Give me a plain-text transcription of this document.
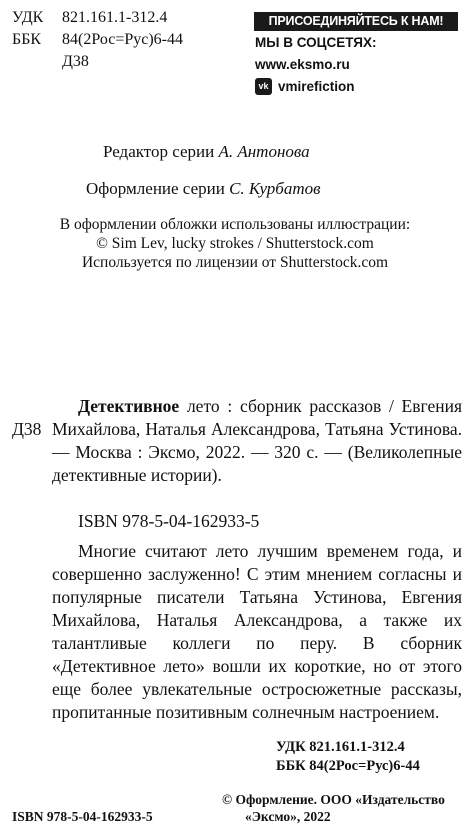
УДК 821.161.1-312.4
ББК 84(2Рос=Рус)6-44
Д38
ПРИСОЕДИНЯЙТЕСЬ К НАМ!
МЫ В СОЦСЕТЯХ:
www.eksmo.ru
vk vmirefiction
Редактор серии А. Антонова
Оформление серии С. Курбатов
В оформлении обложки использованы иллюстрации:
© Sim Lev, lucky strokes / Shutterstock.com
Используется по лицензии от Shutterstock.com
Д38
Детективное лето : сборник рассказов / Евгения Михайлова, Наталья Александрова, Татьяна Устинова. — Москва : Эксмо, 2022. — 320 с. — (Великолепные детективные истории).
ISBN 978-5-04-162933-5
Многие считают лето лучшим временем года, и совершенно заслуженно! С этим мнением согласны и популярные писатели Татьяна Устинова, Евгения Михайлова, Наталья Александрова, а также их талантливые коллеги по перу. В сборник «Детективное лето» вошли их короткие, но от этого еще более увлекательные остросюжетные рассказы, пропитанные позитивным солнечным настроением.
УДК 821.161.1-312.4
ББК 84(2Рос=Рус)6-44
ISBN 978-5-04-162933-5
© Оформление. ООО «Издательство
«Эксмо», 2022
